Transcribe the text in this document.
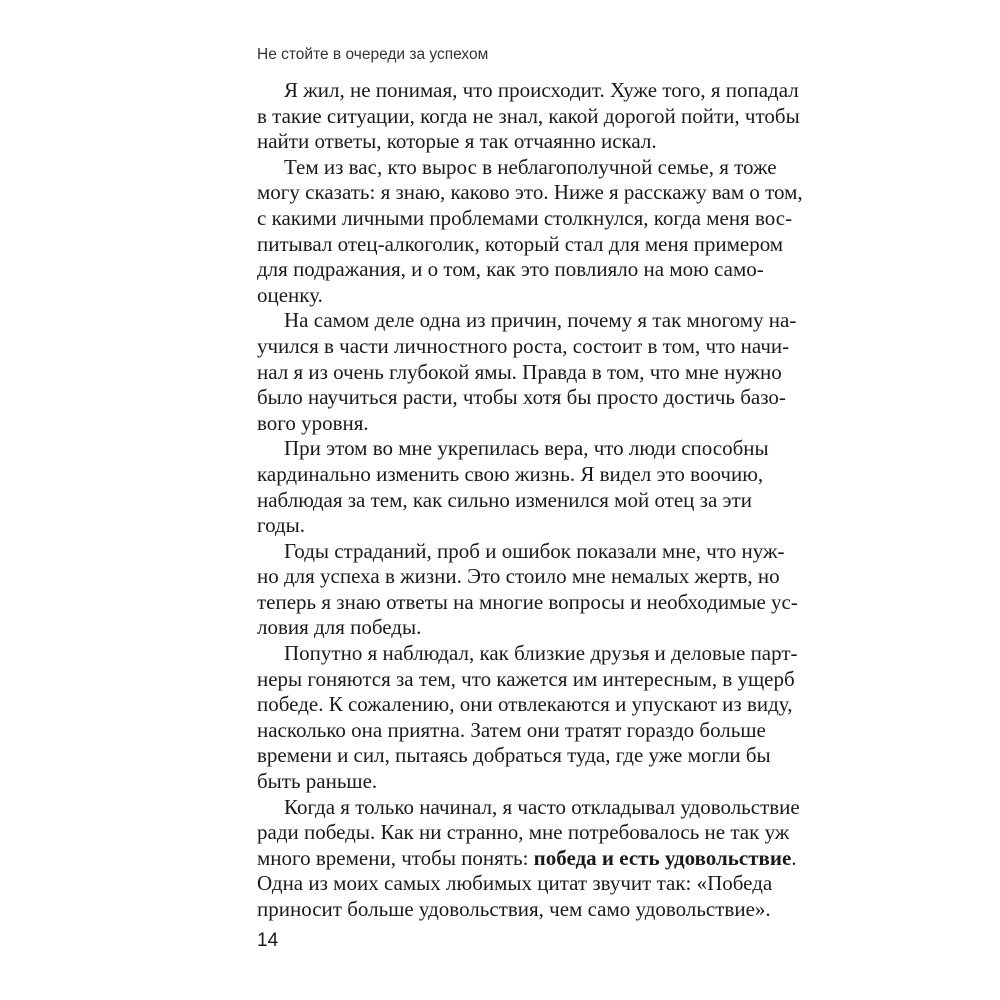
Не стойте в очереди за успехом

Я жил, не понимая, что происходит. Хуже того, я попадал
в такие ситуации, когда не знал, какой дорогой пойти, чтобы
найти ответы, которые я так отчаянно искал.

Тем из вас, кто вырос в неблагополучной семье, я тоже
могу сказать: я знаю, каково это. Ниже я расскажу вам о том,
с какими личными проблемами столкнулся, когда меня вос-
питывал отец-алкоголик, который стал для меня примером
для подражания, и о том, как это повлияло на мою само-
оценку.

На самом деле одна из причин, почему я так многому на-
учился в части личностного роста, состоит в том, что начи-
нал я из очень глубокой ямы. Правда в том, что мне нужно
было научиться расти, чтобы хотя бы просто достичь базо-
вого уровня.

При этом во мне укрепилась вера, что люди способны
кардинально изменить свою жизнь. Я видел это воочию,
наблюдая за тем, как сильно изменился мой отец за эти
годы.

Годы страданий, проб и ошибок показали мне, что нуж-
но для успеха в жизни. Это стоило мне немалых жертв, но
теперь я знаю ответы на многие вопросы и необходимые ус-
ловия для победы.

Попутно я наблюдал, как близкие друзья и деловые парт-
неры гоняются за тем, что кажется им интересным, в ущерб
победе. К сожалению, они отвлекаются и упускают из виду,
насколько она приятна. Затем они тратят гораздо больше
времени и сил, пытаясь добраться туда, где уже могли бы
быть раньше.

Когда я только начинал, я часто откладывал удовольствие
ради победы. Как ни странно, мне потребовалось не так уж
много времени, чтобы понять: победа и есть удовольствие.
Одна из моих самых любимых цитат звучит так: «Победа
приносит больше удовольствия, чем само удовольствие».

14
